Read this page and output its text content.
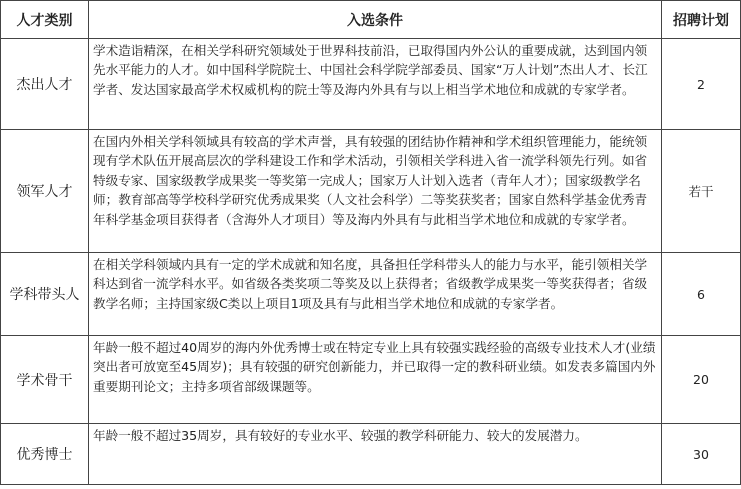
人才类别	入选条件	招聘计划
杰出人才	学术造诣精深，在相关学科研究领域处于世界科技前沿，已取得国内外公认的重要成就，达到国内领先水平能力的人才。如中国科学院院士、中国社会科学院学部委员、国家“万人计划”杰出人才、长江学者、发达国家最高学术权威机构的院士等及海内外具有与以上相当学术地位和成就的专家学者。	2
领军人才	在国内外相关学科领域具有较高的学术声誉，具有较强的团结协作精神和学术组织管理能力，能统领现有学术队伍开展高层次的学科建设工作和学术活动，引领相关学科进入省一流学科领先行列。如省特级专家、国家级教学成果奖一等奖第一完成人；国家万人计划入选者（青年人才）；国家级教学名师；教育部高等学校科学研究优秀成果奖（人文社会科学）二等奖获奖者；国家自然科学基金优秀青年科学基金项目获得者（含海外人才项目）等及海内外具有与此相当学术地位和成就的专家学者。	若干
学科带头人	在相关学科领域内具有一定的学术成就和知名度，具备担任学科带头人的能力与水平，能引领相关学科达到省一流学科水平。如省级各类奖项二等奖及以上获得者；省级教学成果奖一等奖获得者；省级教学名师；主持国家级C类以上项目1项及具有与此相当学术地位和成就的专家学者。	6
学术骨干	年龄一般不超过40周岁的海内外优秀博士或在特定专业上具有较强实践经验的高级专业技术人才(业绩突出者可放宽至45周岁)；具有较强的研究创新能力，并已取得一定的教科研业绩。如发表多篇国内外重要期刊论文；主持多项省部级课题等。	20
优秀博士	年龄一般不超过35周岁，具有较好的专业水平、较强的教学科研能力、较大的发展潜力。	30
